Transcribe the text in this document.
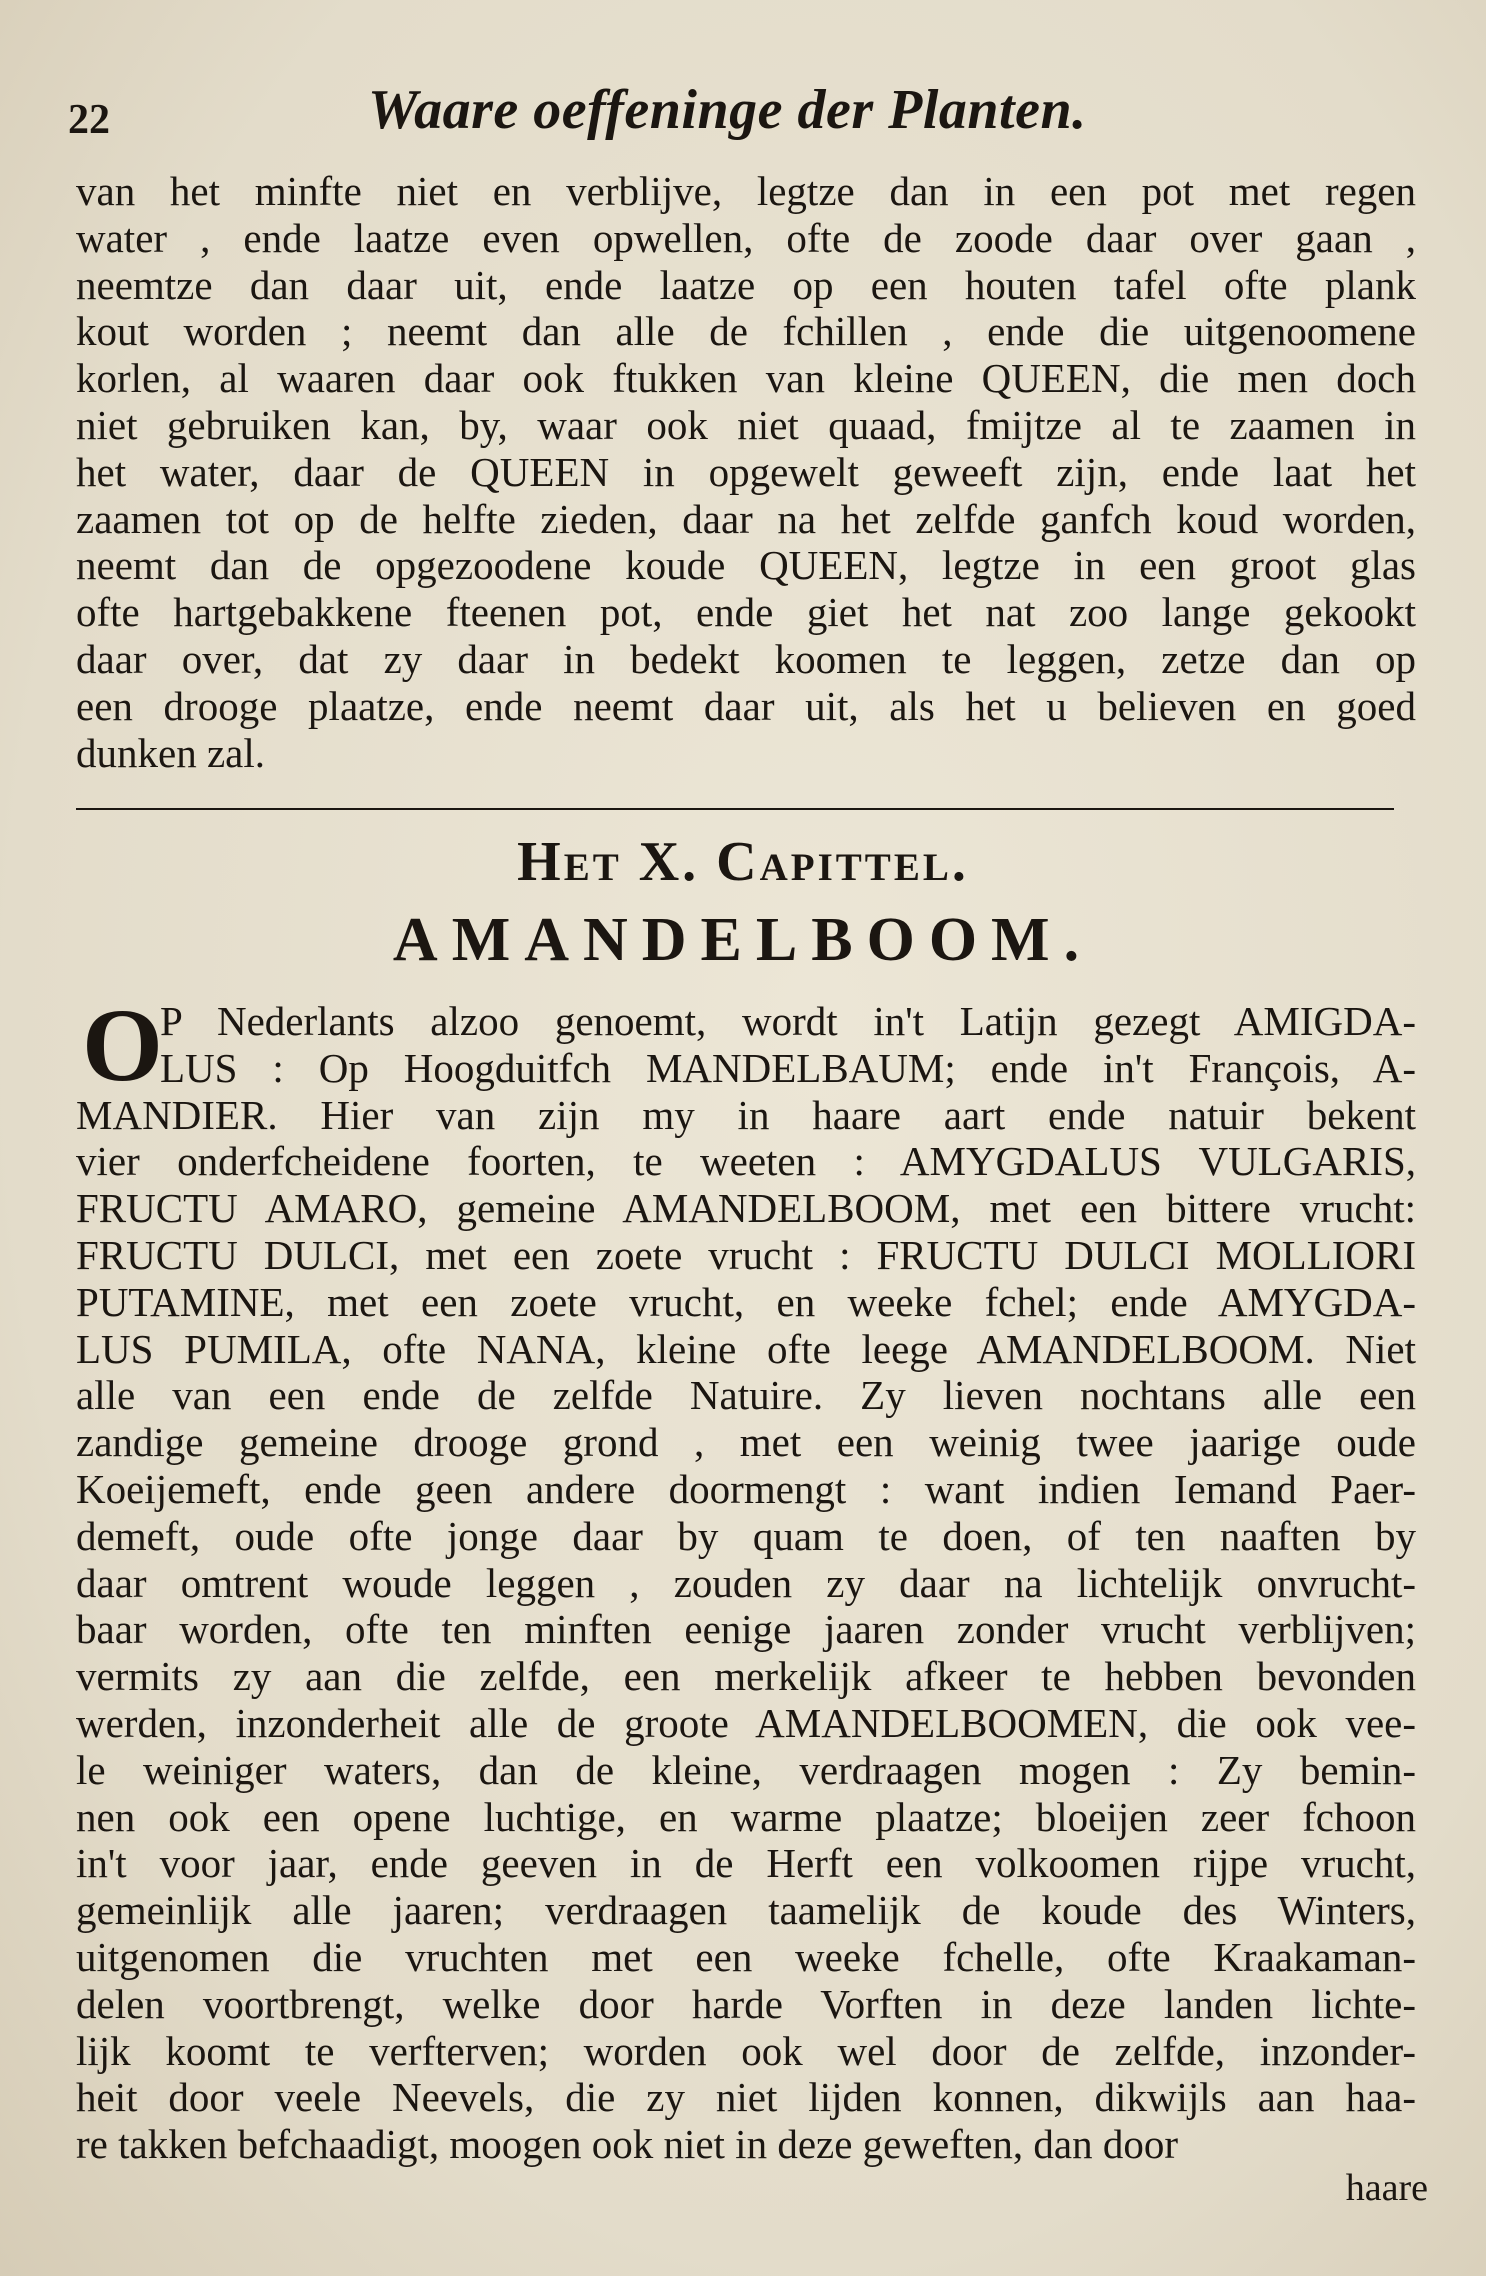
22	Waare oeffeninge der Planten.
van het minfte niet en verblijve, legtze dan in een pot met regen
water , ende laatze even opwellen, ofte de zoode daar over gaan ,
neemtze dan daar uit, ende laatze op een houten tafel ofte plank
kout worden ; neemt dan alle de fchillen , ende die uitgenoomene
korlen, al waaren daar ook ftukken van kleine QUEEN, die men doch
niet gebruiken kan, by, waar ook niet quaad, fmijtze al te zaamen in
het water, daar de QUEEN in opgewelt geweeft zijn, ende laat het
zaamen tot op de helfte zieden, daar na het zelfde ganfch koud worden,
neemt dan de opgezoodene koude QUEEN, legtze in een groot glas
ofte hartgebakkene fteenen pot, ende giet het nat zoo lange gekookt
daar over, dat zy daar in bedekt koomen te leggen, zetze dan op
een drooge plaatze, ende neemt daar uit, als het u believen en goed
dunken zal.
Het X. Capittel.
AMANDELBOOM.
O
P Nederlants alzoo genoemt, wordt in't Latijn gezegt AMIGDA-
LUS : Op Hoogduitfch MANDELBAUM; ende in't François, A-
MANDIER. Hier van zijn my in haare aart ende natuir bekent
vier onderfcheidene foorten, te weeten : AMYGDALUS VULGARIS,
FRUCTU AMARO, gemeine AMANDELBOOM, met een bittere vrucht:
FRUCTU DULCI, met een zoete vrucht : FRUCTU DULCI MOLLIORI
PUTAMINE, met een zoete vrucht, en weeke fchel; ende AMYGDA-
LUS PUMILA, ofte NANA, kleine ofte leege AMANDELBOOM. Niet
alle van een ende de zelfde Natuire. Zy lieven nochtans alle een
zandige gemeine drooge grond , met een weinig twee jaarige oude
Koeijemeft, ende geen andere doormengt : want indien Iemand Paer-
demeft, oude ofte jonge daar by quam te doen, of ten naaften by
daar omtrent woude leggen , zouden zy daar na lichtelijk onvrucht-
baar worden, ofte ten minften eenige jaaren zonder vrucht verblijven;
vermits zy aan die zelfde, een merkelijk afkeer te hebben bevonden
werden, inzonderheit alle de groote AMANDELBOOMEN, die ook vee-
le weiniger waters, dan de kleine, verdraagen mogen : Zy bemin-
nen ook een opene luchtige, en warme plaatze; bloeijen zeer fchoon
in't voor jaar, ende geeven in de Herft een volkoomen rijpe vrucht,
gemeinlijk alle jaaren; verdraagen taamelijk de koude des Winters,
uitgenomen die vruchten met een weeke fchelle, ofte Kraakaman-
delen voortbrengt, welke door harde Vorften in deze landen lichte-
lijk koomt te verfterven; worden ook wel door de zelfde, inzonder-
heit door veele Neevels, die zy niet lijden konnen, dikwijls aan haa-
re takken befchaadigt, moogen ook niet in deze geweften, dan door
haare
